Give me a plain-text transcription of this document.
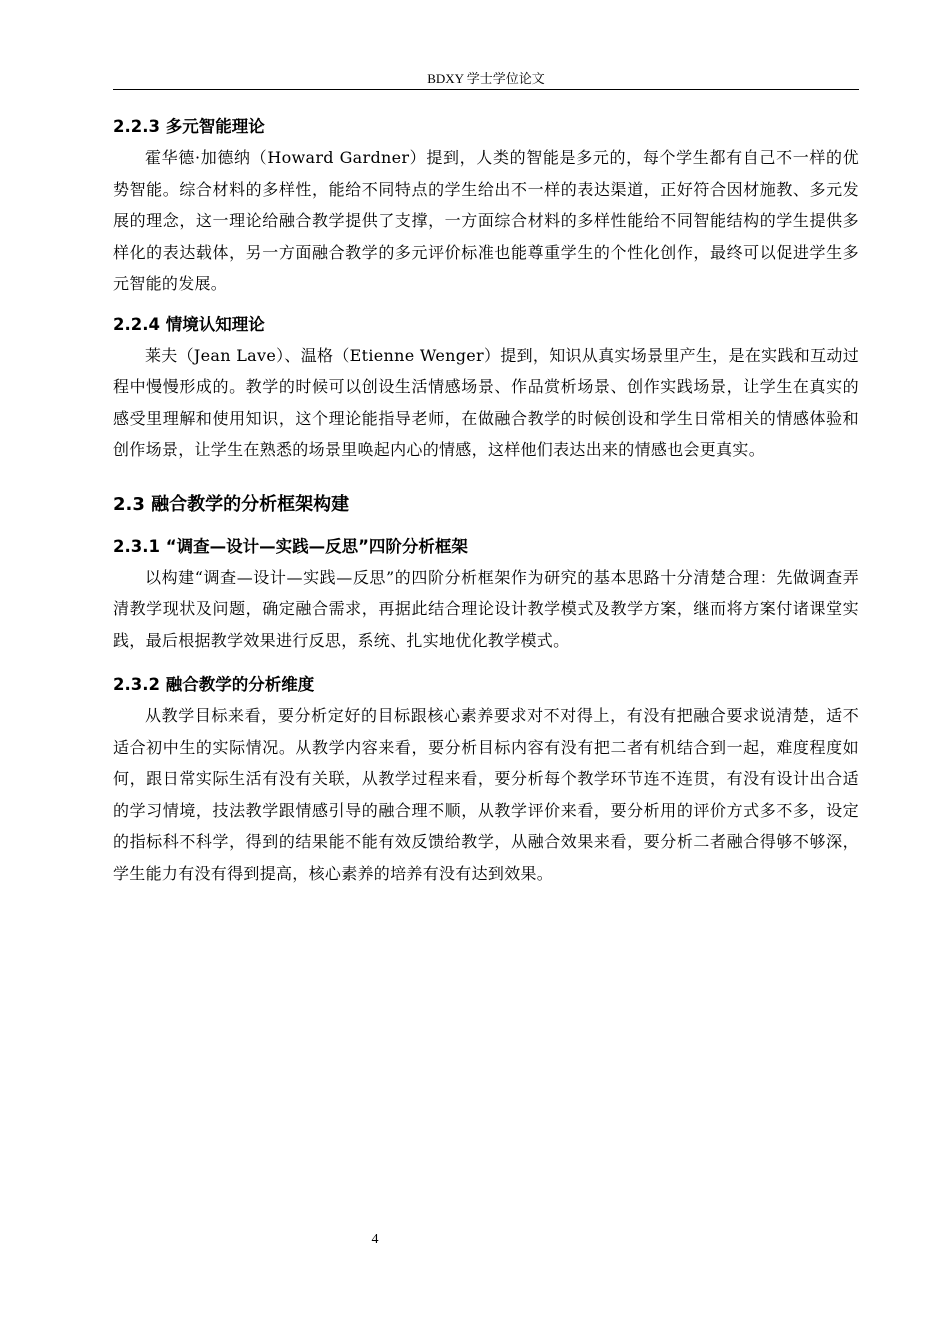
BDXY 学士学位论文
2.2.3 多元智能理论

霍华德·加德纳（Howard Gardner）提到，人类的智能是多元的，每个学生都有自己不一样的优势智能。综合材料的多样性，能给不同特点的学生给出不一样的表达渠道，正好符合因材施教、多元发展的理念，这一理论给融合教学提供了支撑，一方面综合材料的多样性能给不同智能结构的学生提供多样化的表达载体，另一方面融合教学的多元评价标准也能尊重学生的个性化创作，最终可以促进学生多元智能的发展。

2.2.4 情境认知理论

莱夫（Jean Lave）、温格（Etienne Wenger）提到，知识从真实场景里产生，是在实践和互动过程中慢慢形成的。教学的时候可以创设生活情感场景、作品赏析场景、创作实践场景，让学生在真实的感受里理解和使用知识，这个理论能指导老师，在做融合教学的时候创设和学生日常相关的情感体验和创作场景，让学生在熟悉的场景里唤起内心的情感，这样他们表达出来的情感也会更真实。

2.3 融合教学的分析框架构建
2.3.1 “调查—设计—实践—反思”四阶分析框架

以构建“调查—设计—实践—反思”的四阶分析框架作为研究的基本思路十分清楚合理：先做调查弄清教学现状及问题，确定融合需求，再据此结合理论设计教学模式及教学方案，继而将方案付诸课堂实践，最后根据教学效果进行反思，系统、扎实地优化教学模式。

2.3.2 融合教学的分析维度

从教学目标来看，要分析定好的目标跟核心素养要求对不对得上，有没有把融合要求说清楚，适不适合初中生的实际情况。从教学内容来看，要分析目标内容有没有把二者有机结合到一起，难度程度如何，跟日常实际生活有没有关联，从教学过程来看，要分析每个教学环节连不连贯，有没有设计出合适的学习情境，技法教学跟情感引导的融合理不顺，从教学评价来看，要分析用的评价方式多不多，设定的指标科不科学，得到的结果能不能有效反馈给教学，从融合效果来看，要分析二者融合得够不够深，学生能力有没有得到提高，核心素养的培养有没有达到效果。

4
